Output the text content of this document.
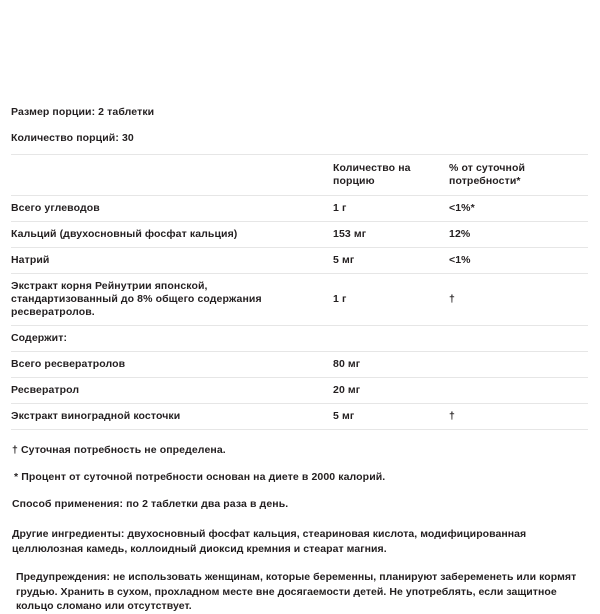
Размер порции: 2 таблетки
Количество порций: 30
	Количество на порцию	% от суточной потребности*
Всего углеводов	1 г	<1%*
Кальций (двухосновный фосфат кальция)	153 мг	12%
Натрий	5 мг	<1%

Экстракт корня Рейнутрии японской,
стандартизованный до 8% общего содержания ресвератролов.	1 г	†
Содержит:		
Всего ресвератролов	80 мг	
Ресвератрол	20 мг	
Экстракт виноградной косточки	5 мг	†
† Суточная потребность не определена.
* Процент от суточной потребности основан на диете в 2000 калорий.
Способ применения: по 2 таблетки два раза в день.
Другие ингредиенты: двухосновный фосфат кальция, стеариновая кислота, модифицированная целлюлозная камедь, коллоидный диоксид кремния и стеарат магния.
Предупреждения: не использовать женщинам, которые беременны, планируют забеременеть или кормят грудью. Хранить в сухом, прохладном месте вне досягаемости детей. Не употреблять, если защитное кольцо сломано или отсутствует.
